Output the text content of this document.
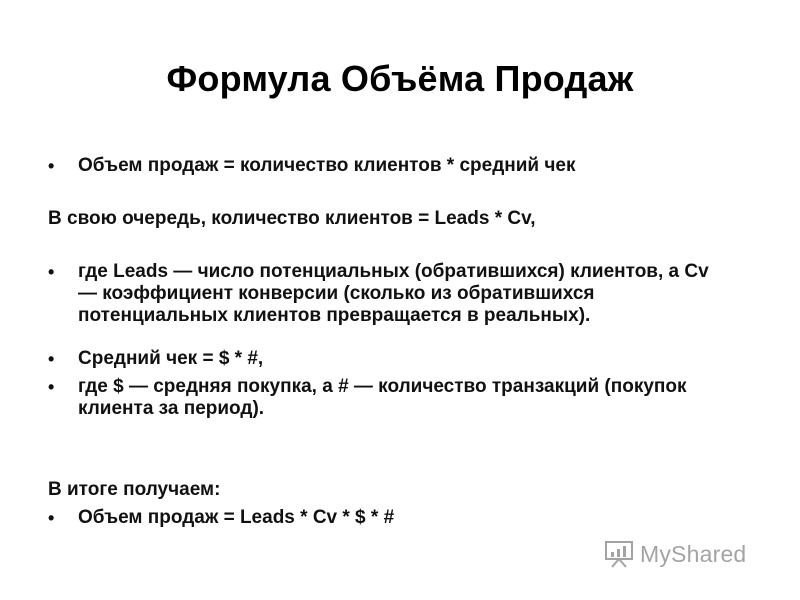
Формула Объёма Продаж
•	Объем продаж = количество клиентов * средний чек
В свою очередь, количество клиентов = Leads * Cv,
•	где Leads — число потенциальных (обратившихся) клиентов, а Cv — коэффициент конверсии (сколько из обратившихся потенциальных клиентов превращается в реальных).
•	Средний чек = $ * #,
•	где $ — средняя покупка, а # — количество транзакций (покупок клиента за период).
В итоге получаем:
•	Объем продаж = Leads * Cv * $ * #
MyShared
